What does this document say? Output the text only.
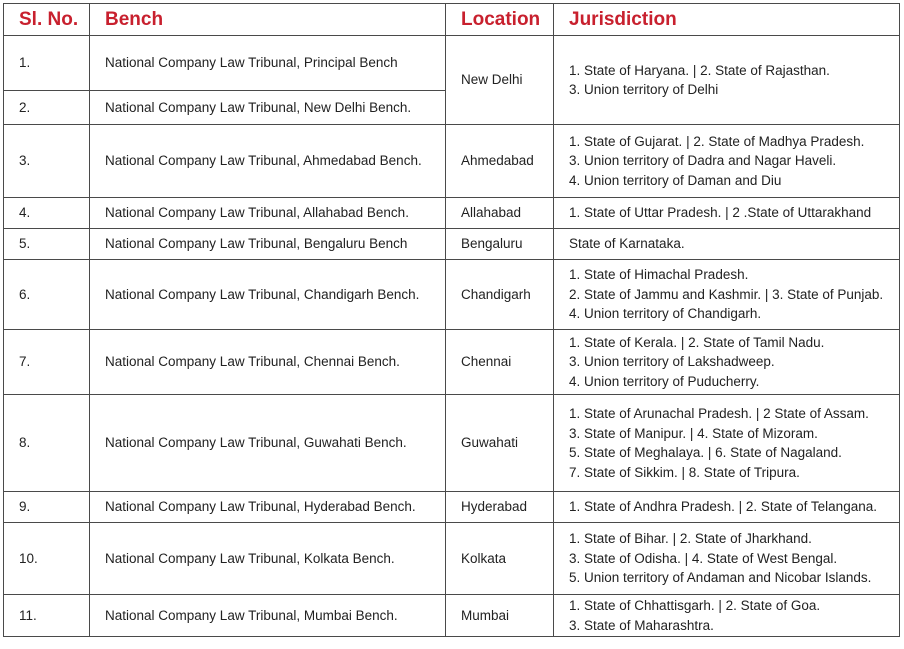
Sl. No.	Bench	Location	Jurisdiction
1.	National Company Law Tribunal, Principal Bench	New Delhi	1. State of Haryana. | 2. State of Rajasthan.
3. Union territory of Delhi

2.	National Company Law Tribunal, New Delhi Bench.		
3.	National Company Law Tribunal, Ahmedabad Bench.	Ahmedabad	1. State of Gujarat. | 2. State of Madhya Pradesh.
3. Union territory of Dadra and Nagar Haveli.
4. Union territory of Daman and Diu

4.	National Company Law Tribunal, Allahabad Bench.	Allahabad	1. State of Uttar Pradesh. | 2 .State of Uttarakhand

5.	National Company Law Tribunal, Bengaluru Bench	Bengaluru	State of Karnataka.

6.	National Company Law Tribunal, Chandigarh Bench.	Chandigarh	1. State of Himachal Pradesh.
2. State of Jammu and Kashmir. | 3. State of Punjab.
4. Union territory of Chandigarh.

7.	National Company Law Tribunal, Chennai Bench.	Chennai	1. State of Kerala. | 2. State of Tamil Nadu.
3. Union territory of Lakshadweep.
4. Union territory of Puducherry.

8.	National Company Law Tribunal, Guwahati Bench.	Guwahati	1. State of Arunachal Pradesh. | 2 State of Assam.
3. State of Manipur. | 4. State of Mizoram.
5. State of Meghalaya. | 6. State of Nagaland.
7. State of Sikkim. | 8. State of Tripura.

9.	National Company Law Tribunal, Hyderabad Bench.	Hyderabad	1. State of Andhra Pradesh. | 2. State of Telangana.

10.	National Company Law Tribunal, Kolkata Bench.	Kolkata	1. State of Bihar. | 2. State of Jharkhand.
3. State of Odisha. | 4. State of West Bengal.
5. Union territory of Andaman and Nicobar Islands.

11.	National Company Law Tribunal, Mumbai Bench.	Mumbai	1. State of Chhattisgarh. | 2. State of Goa.
3. State of Maharashtra.
